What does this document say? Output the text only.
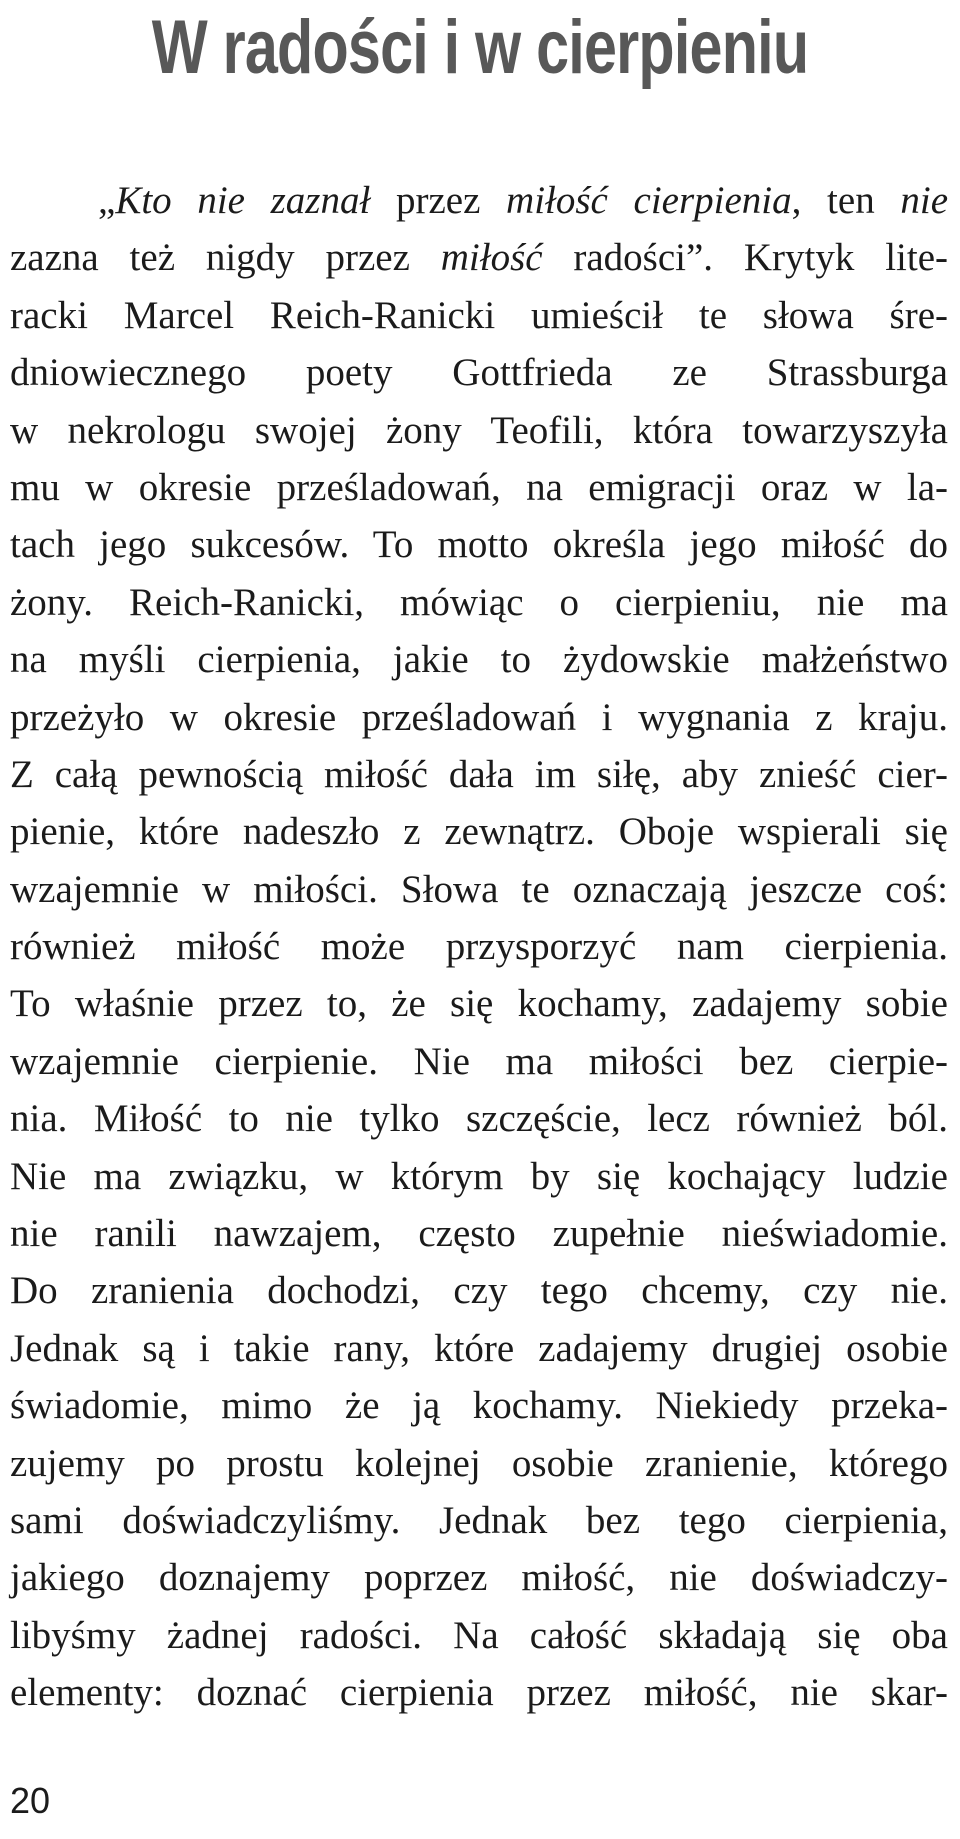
W radości i w cierpieniu
„Kto nie zaznał przez miłość cierpienia, ten nie
zazna też nigdy przez miłość radości”. Krytyk lite-
racki Marcel Reich-Ranicki umieścił te słowa śre-
dniowiecznego poety Gottfrieda ze Strassburga
w nekrologu swojej żony Teofili, która towarzyszyła
mu w okresie prześladowań, na emigracji oraz w la-
tach jego sukcesów. To motto określa jego miłość do
żony. Reich-Ranicki, mówiąc o cierpieniu, nie ma
na myśli cierpienia, jakie to żydowskie małżeństwo
przeżyło w okresie prześladowań i wygnania z kraju.
Z całą pewnością miłość dała im siłę, aby znieść cier-
pienie, które nadeszło z zewnątrz. Oboje wspierali się
wzajemnie w miłości. Słowa te oznaczają jeszcze coś:
również miłość może przysporzyć nam cierpienia.
To właśnie przez to, że się kochamy, zadajemy sobie
wzajemnie cierpienie. Nie ma miłości bez cierpie-
nia. Miłość to nie tylko szczęście, lecz również ból.
Nie ma związku, w którym by się kochający ludzie
nie ranili nawzajem, często zupełnie nieświadomie.
Do zranienia dochodzi, czy tego chcemy, czy nie.
Jednak są i takie rany, które zadajemy drugiej osobie
świadomie, mimo że ją kochamy. Niekiedy przeka-
zujemy po prostu kolejnej osobie zranienie, którego
sami doświadczyliśmy. Jednak bez tego cierpienia,
jakiego doznajemy poprzez miłość, nie doświadczy-
libyśmy żadnej radości. Na całość składają się oba
elementy: doznać cierpienia przez miłość, nie skar-
20
